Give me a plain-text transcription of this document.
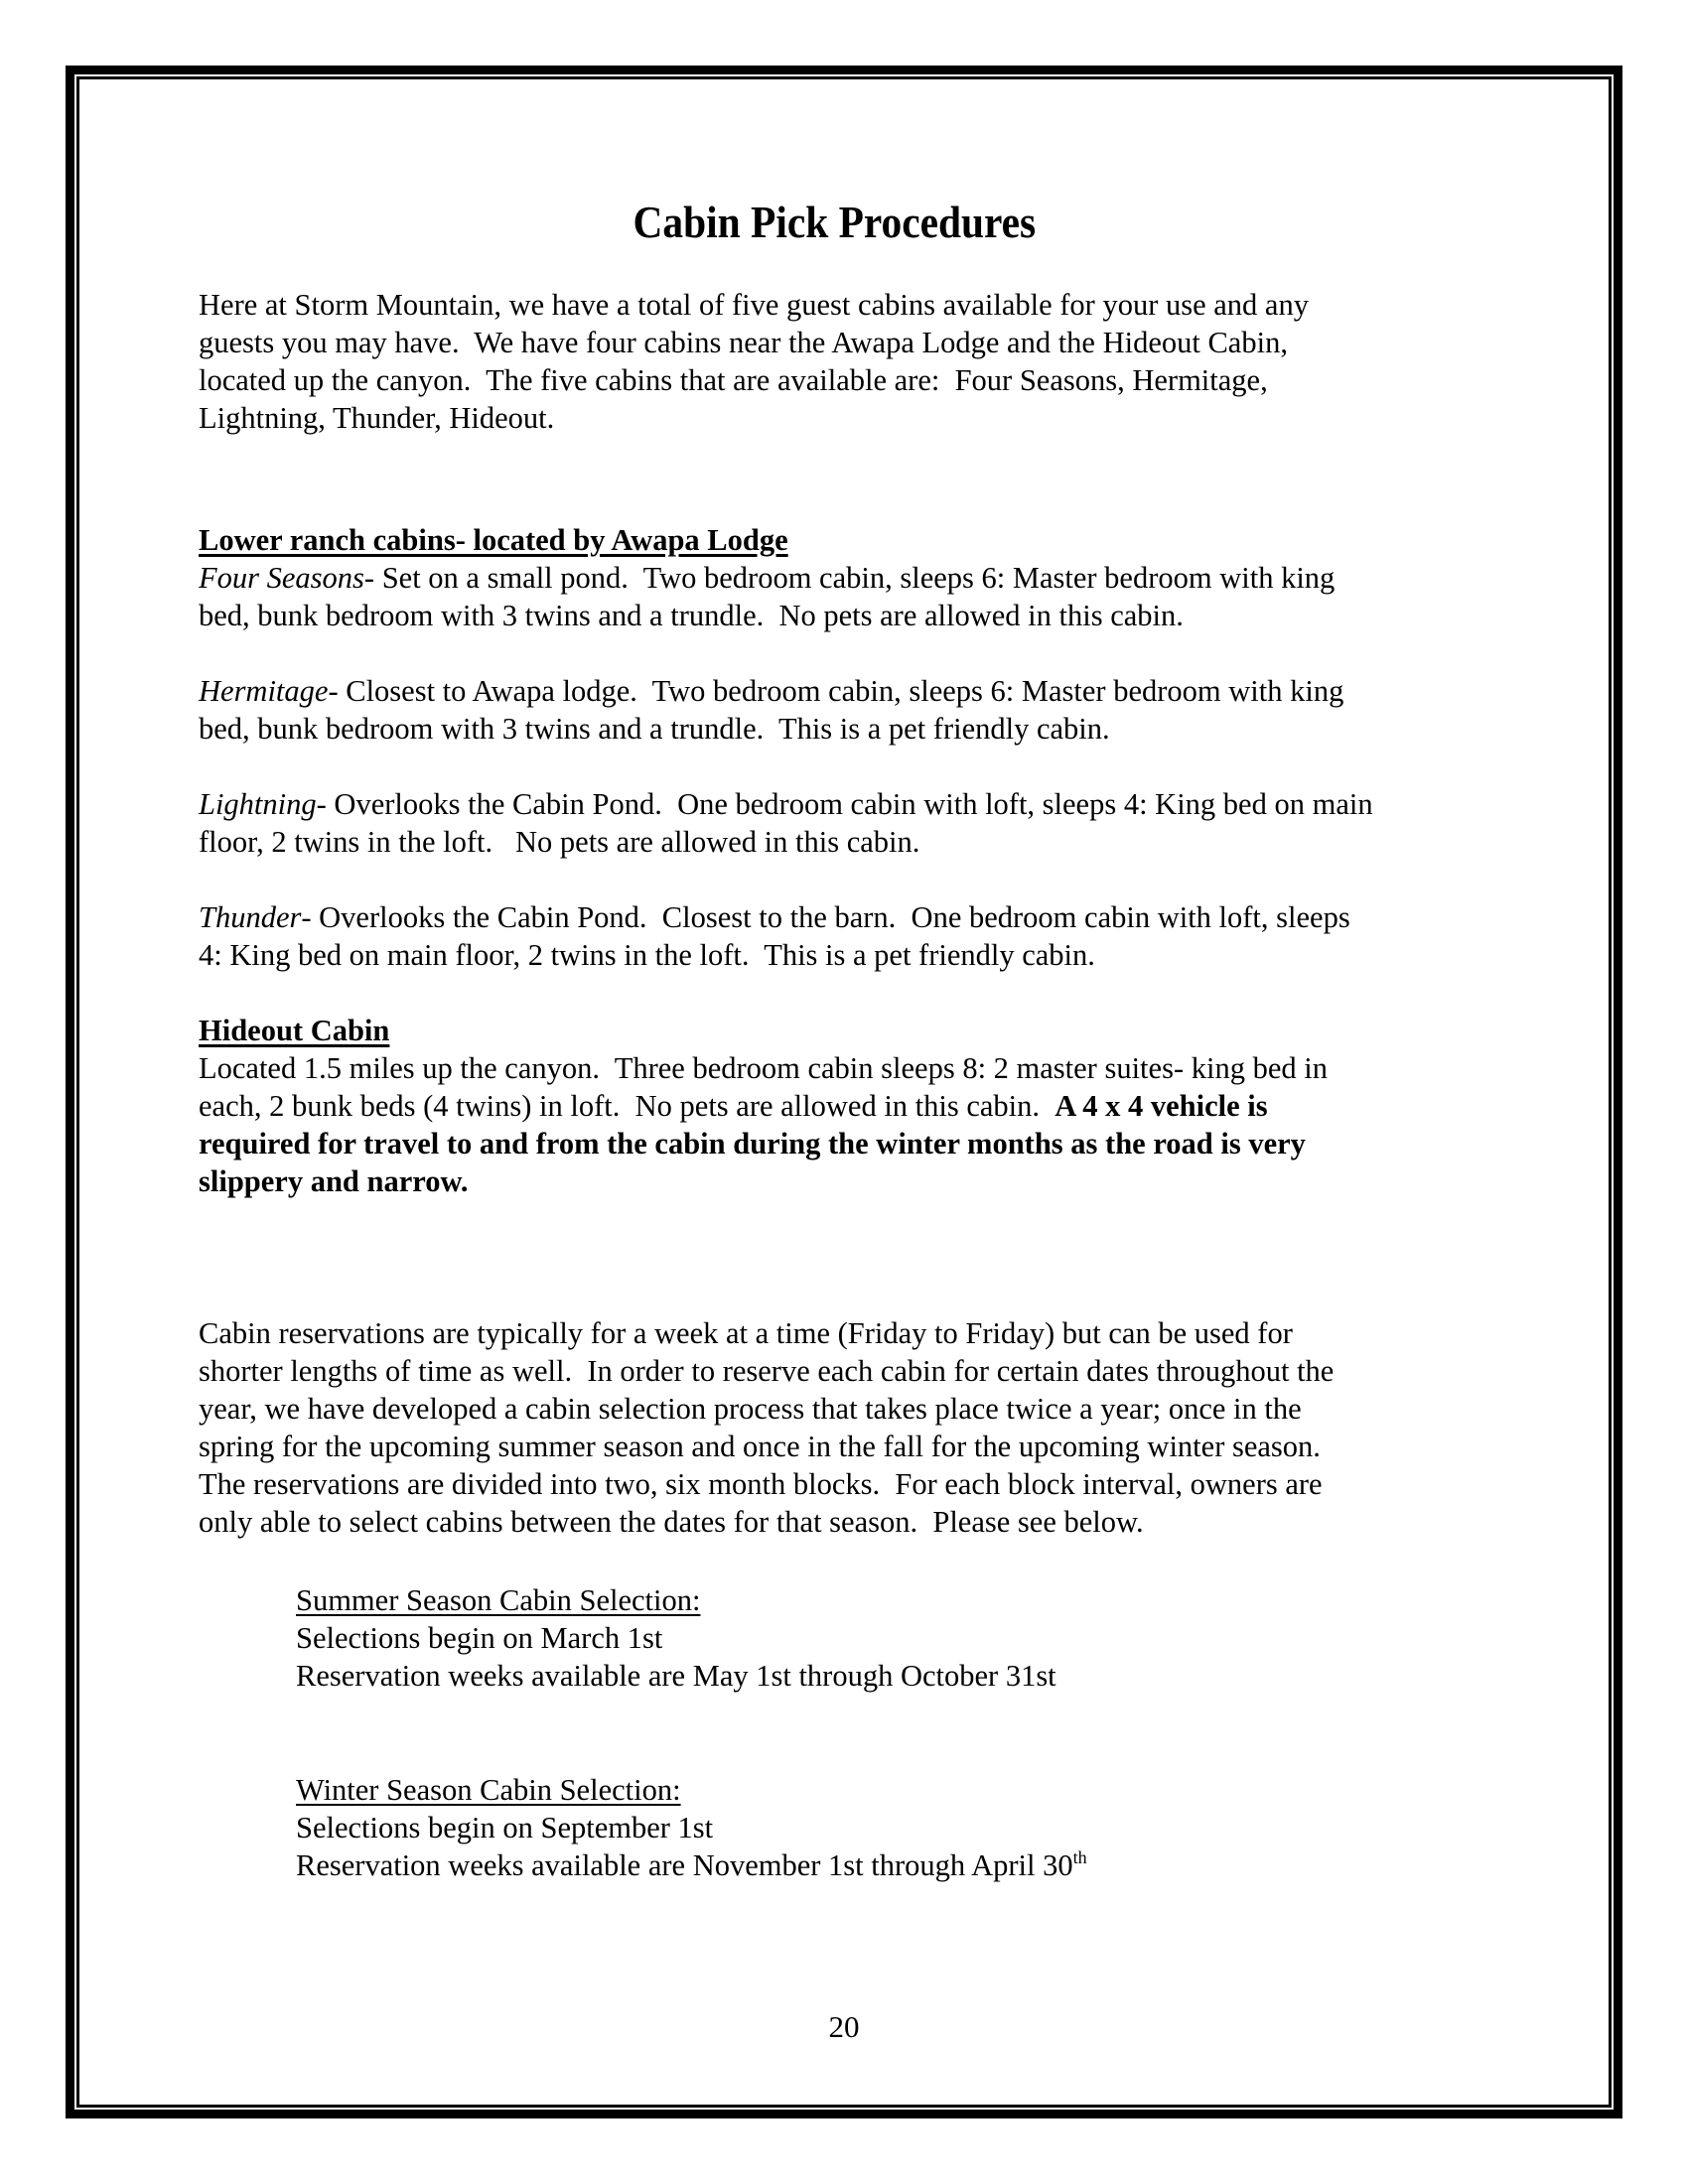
Cabin Pick Procedures
Here at Storm Mountain, we have a total of five guest cabins available for your use and any
guests you may have.  We have four cabins near the Awapa Lodge and the Hideout Cabin,
located up the canyon.  The five cabins that are available are:  Four Seasons, Hermitage,
Lightning, Thunder, Hideout.
Lower ranch cabins- located by Awapa Lodge
Four Seasons- Set on a small pond.  Two bedroom cabin, sleeps 6: Master bedroom with king
bed, bunk bedroom with 3 twins and a trundle.  No pets are allowed in this cabin.
Hermitage- Closest to Awapa lodge.  Two bedroom cabin, sleeps 6: Master bedroom with king
bed, bunk bedroom with 3 twins and a trundle.  This is a pet friendly cabin.
Lightning- Overlooks the Cabin Pond.  One bedroom cabin with loft, sleeps 4: King bed on main
floor, 2 twins in the loft.   No pets are allowed in this cabin.
Thunder- Overlooks the Cabin Pond.  Closest to the barn.  One bedroom cabin with loft, sleeps
4: King bed on main floor, 2 twins in the loft.  This is a pet friendly cabin.
Hideout Cabin
Located 1.5 miles up the canyon.  Three bedroom cabin sleeps 8: 2 master suites- king bed in
each, 2 bunk beds (4 twins) in loft.  No pets are allowed in this cabin.  A 4 x 4 vehicle is
required for travel to and from the cabin during the winter months as the road is very
slippery and narrow.
Cabin reservations are typically for a week at a time (Friday to Friday) but can be used for
shorter lengths of time as well.  In order to reserve each cabin for certain dates throughout the
year, we have developed a cabin selection process that takes place twice a year; once in the
spring for the upcoming summer season and once in the fall for the upcoming winter season.
The reservations are divided into two, six month blocks.  For each block interval, owners are
only able to select cabins between the dates for that season.  Please see below.
Summer Season Cabin Selection:
Selections begin on March 1st
Reservation weeks available are May 1st through October 31st
Winter Season Cabin Selection:
Selections begin on September 1st
Reservation weeks available are November 1st through April 30th
20
